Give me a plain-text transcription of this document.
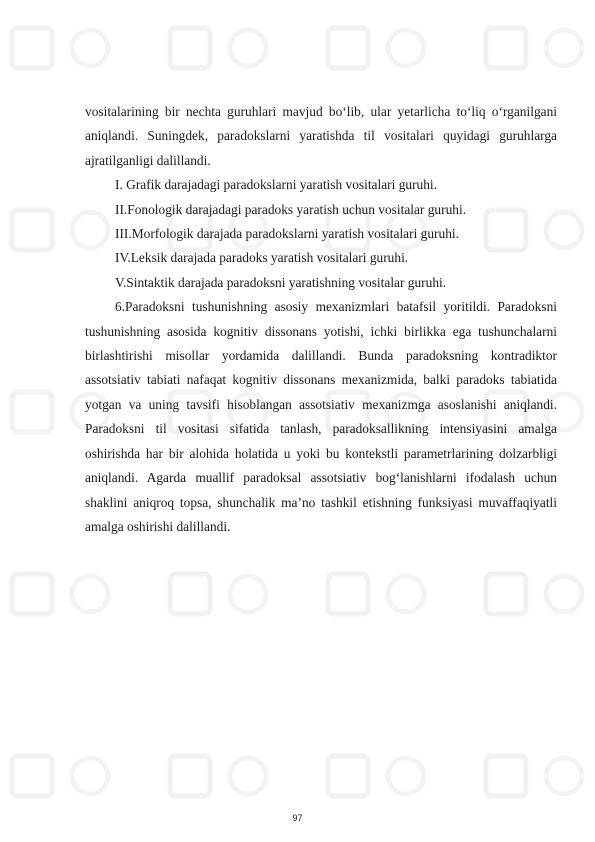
vositalarining bir nechta guruhlari mavjud bo‘lib, ular yetarlicha to‘liq o‘rganilgani aniqlandi. Suningdek, paradokslarni yaratishda til vositalari quyidagi guruhlarga ajratilganligi dalillandi.

I. Grafik darajadagi paradokslarni yaratish vositalari guruhi.

II.Fonologik darajadagi paradoks yaratish uchun vositalar guruhi.

III.Morfologik darajada paradokslarni yaratish vositalari guruhi.

IV.Leksik darajada paradoks yaratish vositalari guruhi.

V.Sintaktik darajada paradoksni yaratishning vositalar guruhi.

6.Paradoksni tushunishning asosiy mexanizmlari batafsil yoritildi. Paradoksni tushunishning asosida kognitiv dissonans yotishi, ichki birlikka ega tushunchalarni birlashtirishi misollar yordamida dalillandi. Bunda paradoksning kontradiktor assotsiativ tabiati nafaqat kognitiv dissonans mexanizmida, balki paradoks tabiatida yotgan va uning tavsifi hisoblangan assotsiativ mexanizmga asoslanishi aniqlandi. Paradoksni til vositasi sifatida tanlash, paradoksallikning intensiyasini amalga oshirishda har bir alohida holatida u yoki bu kontekstli parametrlarining dolzarbligi aniqlandi. Agarda muallif paradoksal assotsiativ bog‘lanishlarni ifodalash uchun shaklini aniqroq topsa, shunchalik ma’no tashkil etishning funksiyasi muvaffaqiyatli amalga oshirishi dalillandi.

97
